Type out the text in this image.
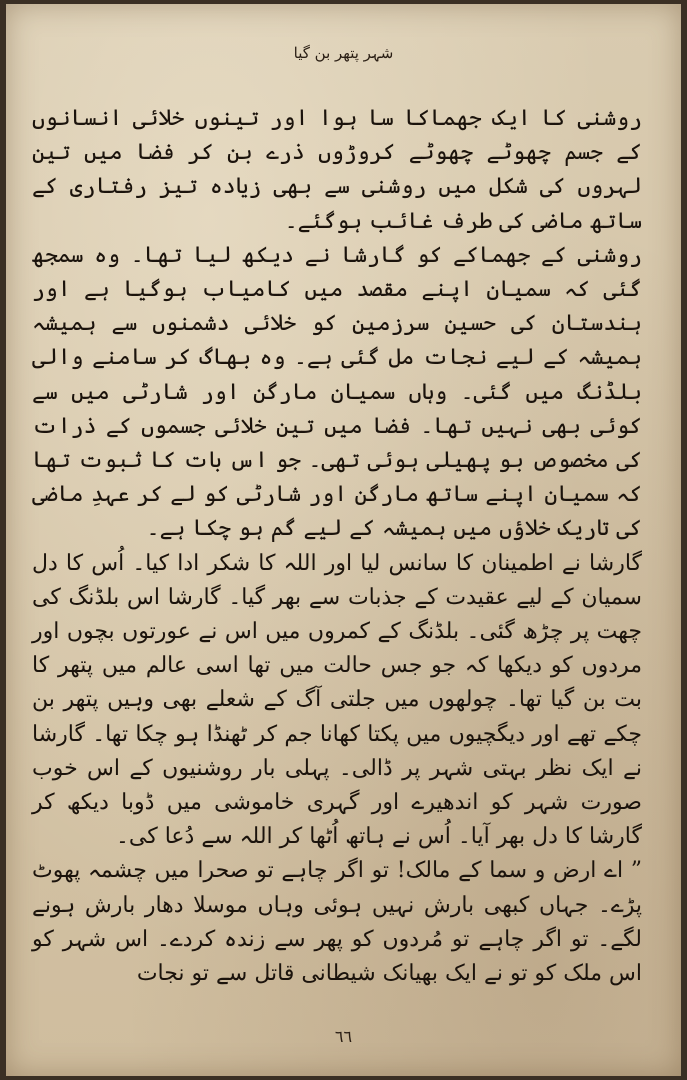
شہر پتھر بن گیا

روشنی کا ایک جھماکا سا ہوا اور تینوں خلائی انسانوں کے جسم چھوٹے چھوٹے کروڑوں ذرے بن کر فضا میں تین لہروں کی شکل میں روشنی سے بھی زیادہ تیز رفتاری کے ساتھ ماضی کی طرف غائب ہوگئے۔

روشنی کے جھماکے کو گارشا نے دیکھ لیا تھا۔ وہ سمجھ گئی کہ سمیان اپنے مقصد میں کامیاب ہوگیا ہے اور ہندستان کی حسین سرزمین کو خلائی دشمنوں سے ہمیشہ ہمیشہ کے لیے نجات مل گئی ہے۔ وہ بھاگ کر سامنے والی بلڈنگ میں گئی۔ وہاں سمیان مارگن اور شارٹی میں سے کوئی بھی نہیں تھا۔ فضا میں تین خلائی جسموں کے ذرات کی مخصوص بو پھیلی ہوئی تھی۔ جو اس بات کا ثبوت تھا کہ سمیان اپنے ساتھ مارگن اور شارٹی کو لے کر عہدِ ماضی کی تاریک خلاؤں میں ہمیشہ کے لیے گم ہو چکا ہے۔

گارشا نے اطمینان کا سانس لیا اور اللہ کا شکر ادا کیا۔ اُس کا دل سمیان کے لیے عقیدت کے جذبات سے بھر گیا۔ گارشا اس بلڈنگ کی چھت پر چڑھ گئی۔ بلڈنگ کے کمروں میں اس نے عورتوں بچوں اور مردوں کو دیکھا کہ جو جس حالت میں تھا اسی عالم میں پتھر کا بت بن گیا تھا۔ چولھوں میں جلتی آگ کے شعلے بھی وہیں پتھر بن چکے تھے اور دیگچیوں میں پکتا کھانا جم کر ٹھنڈا ہو چکا تھا۔ گارشا نے ایک نظر بہتی شہر پر ڈالی۔ پہلی بار روشنیوں کے اس خوب صورت شہر کو اندھیرے اور گہری خاموشی میں ڈوبا دیکھ کر گارشا کا دل بھر آیا۔ اُس نے ہاتھ اُٹھا کر اللہ سے دُعا کی۔

” اے ارض و سما کے مالک! تو اگر چاہے تو صحرا میں چشمہ پھوٹ پڑے۔ جہاں کبھی بارش نہیں ہوئی وہاں موسلا دھار بارش ہونے لگے۔ تو اگر چاہے تو مُردوں کو پھر سے زندہ کردے۔ اس شہر کو اس ملک کو تو نے ایک بھیانک شیطانی قاتل سے تو نجات

٦٦
